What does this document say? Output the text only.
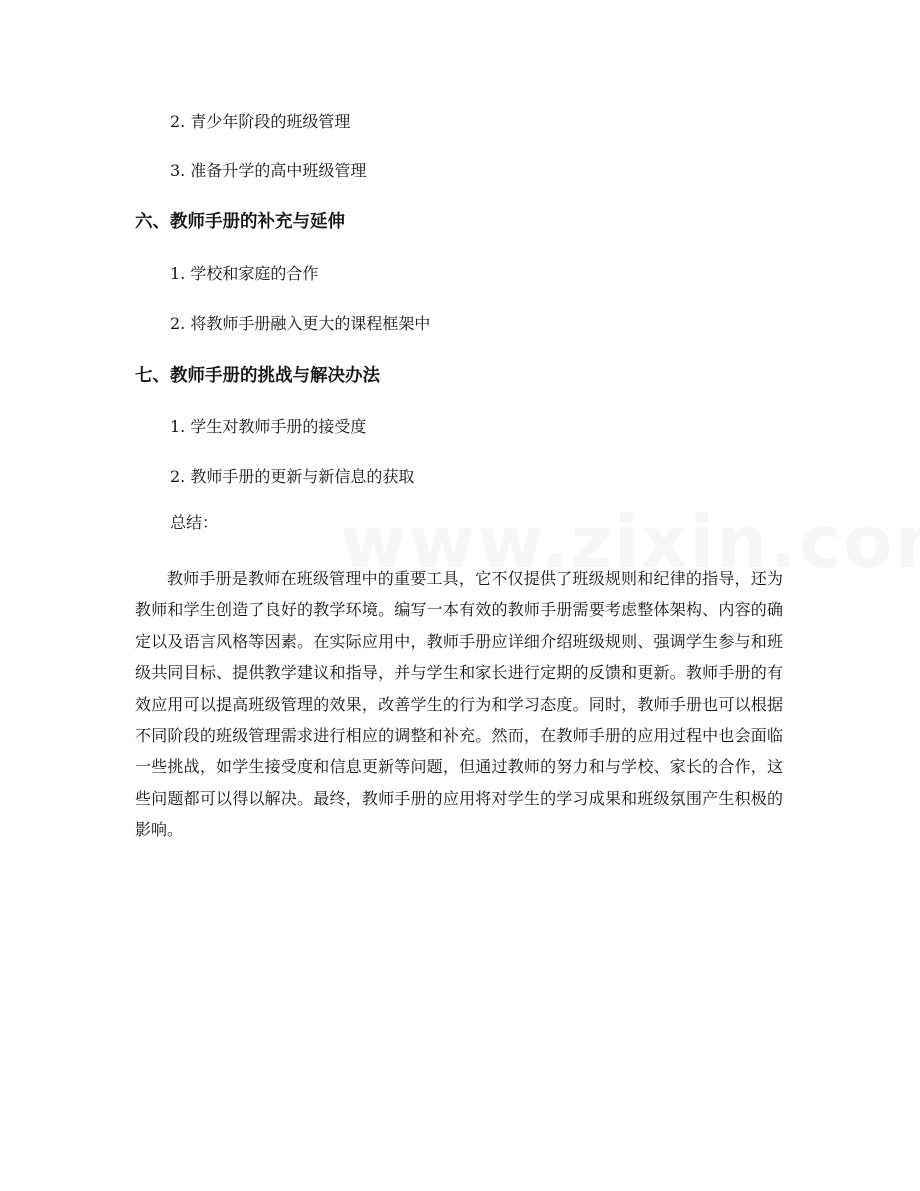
2. 青少年阶段的班级管理
3. 准备升学的高中班级管理
六、教师手册的补充与延伸
1. 学校和家庭的合作
2. 将教师手册融入更大的课程框架中
七、教师手册的挑战与解决办法
1. 学生对教师手册的接受度
2. 教师手册的更新与新信息的获取
总结：

教师手册是教师在班级管理中的重要工具，它不仅提供了班级规则和纪律的指导，还为教师和学生创造了良好的教学环境。编写一本有效的教师手册需要考虑整体架构、内容的确定以及语言风格等因素。在实际应用中，教师手册应详细介绍班级规则、强调学生参与和班级共同目标、提供教学建议和指导，并与学生和家长进行定期的反馈和更新。教师手册的有效应用可以提高班级管理的效果，改善学生的行为和学习态度。同时，教师手册也可以根据不同阶段的班级管理需求进行相应的调整和补充。然而，在教师手册的应用过程中也会面临一些挑战，如学生接受度和信息更新等问题，但通过教师的努力和与学校、家长的合作，这些问题都可以得以解决。最终，教师手册的应用将对学生的学习成果和班级氛围产生积极的影响。
